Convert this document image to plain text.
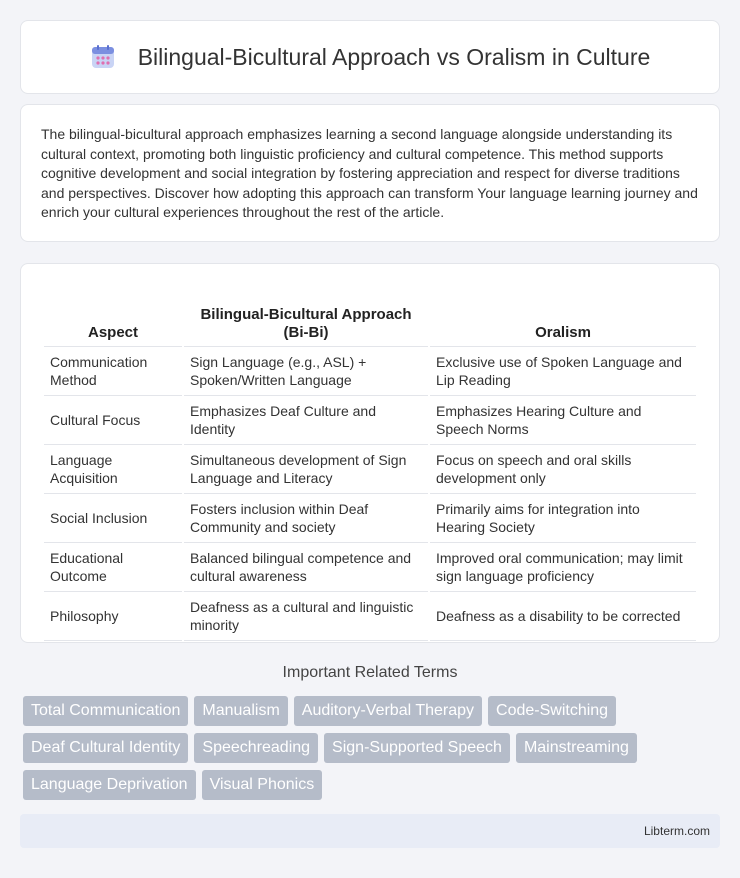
Bilingual-Bicultural Approach vs Oralism in Culture

The bilingual-bicultural approach emphasizes learning a second language alongside understanding its cultural context, promoting both linguistic proficiency and cultural competence. This method supports cognitive development and social integration by fostering appreciation and respect for diverse traditions and perspectives. Discover how adopting this approach can transform Your language learning journey and enrich your cultural experiences throughout the rest of the article.

Aspect	Bilingual-Bicultural Approach (Bi-Bi)	Oralism
Communication Method	Sign Language (e.g., ASL) + Spoken/Written Language	Exclusive use of Spoken Language and Lip Reading
Cultural Focus	Emphasizes Deaf Culture and Identity	Emphasizes Hearing Culture and Speech Norms
Language Acquisition	Simultaneous development of Sign Language and Literacy	Focus on speech and oral skills development only
Social Inclusion	Fosters inclusion within Deaf Community and society	Primarily aims for integration into Hearing Society
Educational Outcome	Balanced bilingual competence and cultural awareness	Improved oral communication; may limit sign language proficiency
Philosophy	Deafness as a cultural and linguistic minority	Deafness as a disability to be corrected
Important Related Terms
Total Communication	Manualism	Auditory-Verbal Therapy	Code-Switching
Deaf Cultural Identity	Speechreading	Sign-Supported Speech	Mainstreaming
Language Deprivation	Visual Phonics
Libterm.com
